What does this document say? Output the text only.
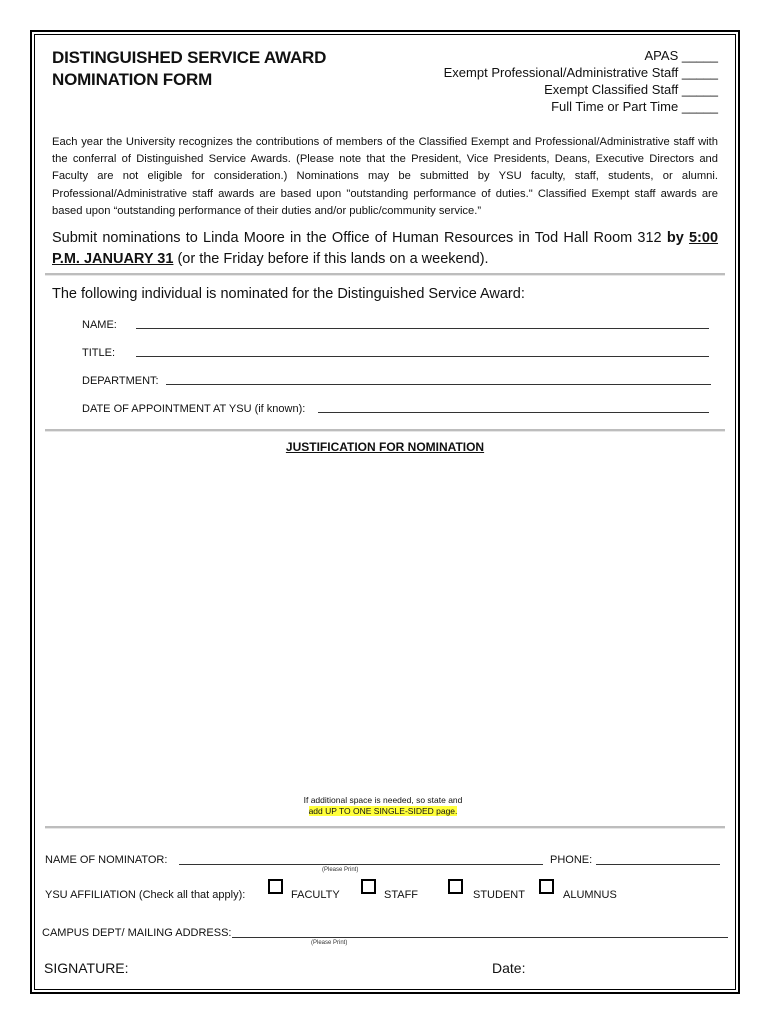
DISTINGUISHED SERVICE AWARD
NOMINATION FORM
APAS _____
Exempt Professional/Administrative Staff _____
Exempt Classified Staff _____
Full Time or Part Time _____
Each year the University recognizes the contributions of members of the Classified Exempt and Professional/Administrative staff with the conferral of Distinguished Service Awards. (Please note that the President, Vice Presidents, Deans, Executive Directors and Faculty are not eligible for consideration.) Nominations may be submitted by YSU faculty, staff, students, or alumni. Professional/Administrative staff awards are based upon "outstanding performance of duties." Classified Exempt staff awards are based upon “outstanding performance of their duties and/or public/community service.”
Submit nominations to Linda Moore in the Office of Human Resources in Tod Hall Room 312 by 5:00 P.M. JANUARY 31 (or the Friday before if this lands on a weekend).
The following individual is nominated for the Distinguished Service Award:
NAME:
TITLE:
DEPARTMENT:
DATE OF APPOINTMENT AT YSU (if known):
JUSTIFICATION FOR NOMINATION
If additional space is needed, so state and
add UP TO ONE SINGLE-SIDED page.
NAME OF NOMINATOR:
(Please Print)
PHONE:
YSU AFFILIATION (Check all that apply):	FACULTY	STAFF	STUDENT	ALUMNUS
CAMPUS DEPT/ MAILING ADDRESS:
(Please Print)
SIGNATURE:	Date:
